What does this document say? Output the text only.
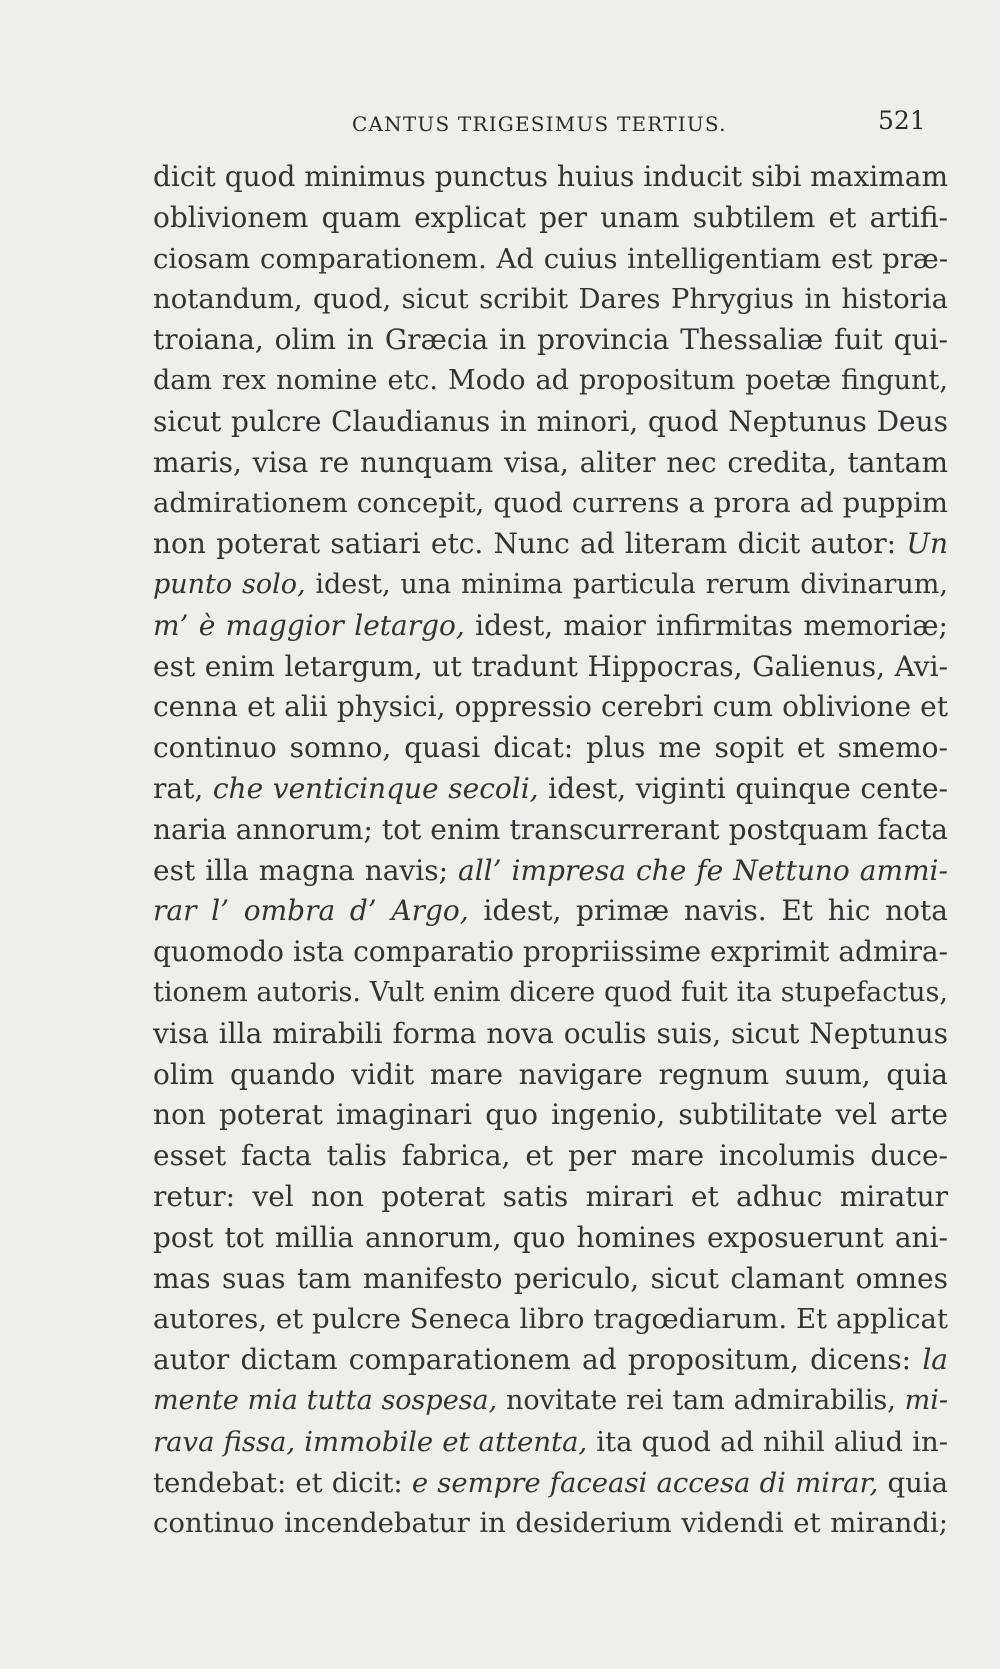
CANTUS TRIGESIMUS TERTIUS.	521
dicit quod minimus punctus huius inducit sibi maximam
oblivionem quam explicat per unam subtilem et artifi-
ciosam comparationem. Ad cuius intelligentiam est præ-
notandum, quod, sicut scribit Dares Phrygius in historia
troiana, olim in Græcia in provincia Thessaliæ fuit qui-
dam rex nomine etc. Modo ad propositum poetæ fingunt,
sicut pulcre Claudianus in minori, quod Neptunus Deus
maris, visa re nunquam visa, aliter nec credita, tantam
admirationem concepit, quod currens a prora ad puppim
non poterat satiari etc. Nunc ad literam dicit autor: Un
punto solo, idest, una minima particula rerum divinarum,
m’ è maggior letargo, idest, maior infirmitas memoriæ;
est enim letargum, ut tradunt Hippocras, Galienus, Avi-
cenna et alii physici, oppressio cerebri cum oblivione et
continuo somno, quasi dicat: plus me sopit et smemo-
rat, che venticinque secoli, idest, viginti quinque cente-
naria annorum; tot enim transcurrerant postquam facta
est illa magna navis; all’ impresa che fe Nettuno ammi-
rar l’ ombra d’ Argo, idest, primæ navis. Et hic nota
quomodo ista comparatio propriissime exprimit admira-
tionem autoris. Vult enim dicere quod fuit ita stupefactus,
visa illa mirabili forma nova oculis suis, sicut Neptunus
olim quando vidit mare navigare regnum suum, quia
non poterat imaginari quo ingenio, subtilitate vel arte
esset facta talis fabrica, et per mare incolumis duce-
retur: vel non poterat satis mirari et adhuc miratur
post tot millia annorum, quo homines exposuerunt ani-
mas suas tam manifesto periculo, sicut clamant omnes
autores, et pulcre Seneca libro tragœdiarum. Et applicat
autor dictam comparationem ad propositum, dicens: la
mente mia tutta sospesa, novitate rei tam admirabilis, mi-
rava fissa, immobile et attenta, ita quod ad nihil aliud in-
tendebat: et dicit: e sempre faceasi accesa di mirar, quia
continuo incendebatur in desiderium videndi et mirandi;
